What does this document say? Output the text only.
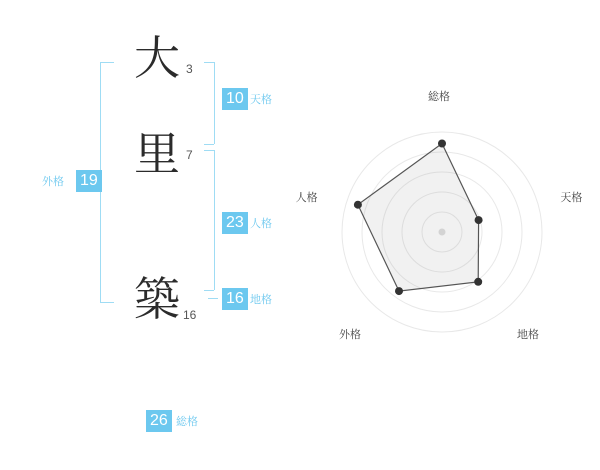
大 3
里 7
築 16
10 天格
23 人格
16 地格
19
外格
26 総格
総格
天格
地格
外格
人格
